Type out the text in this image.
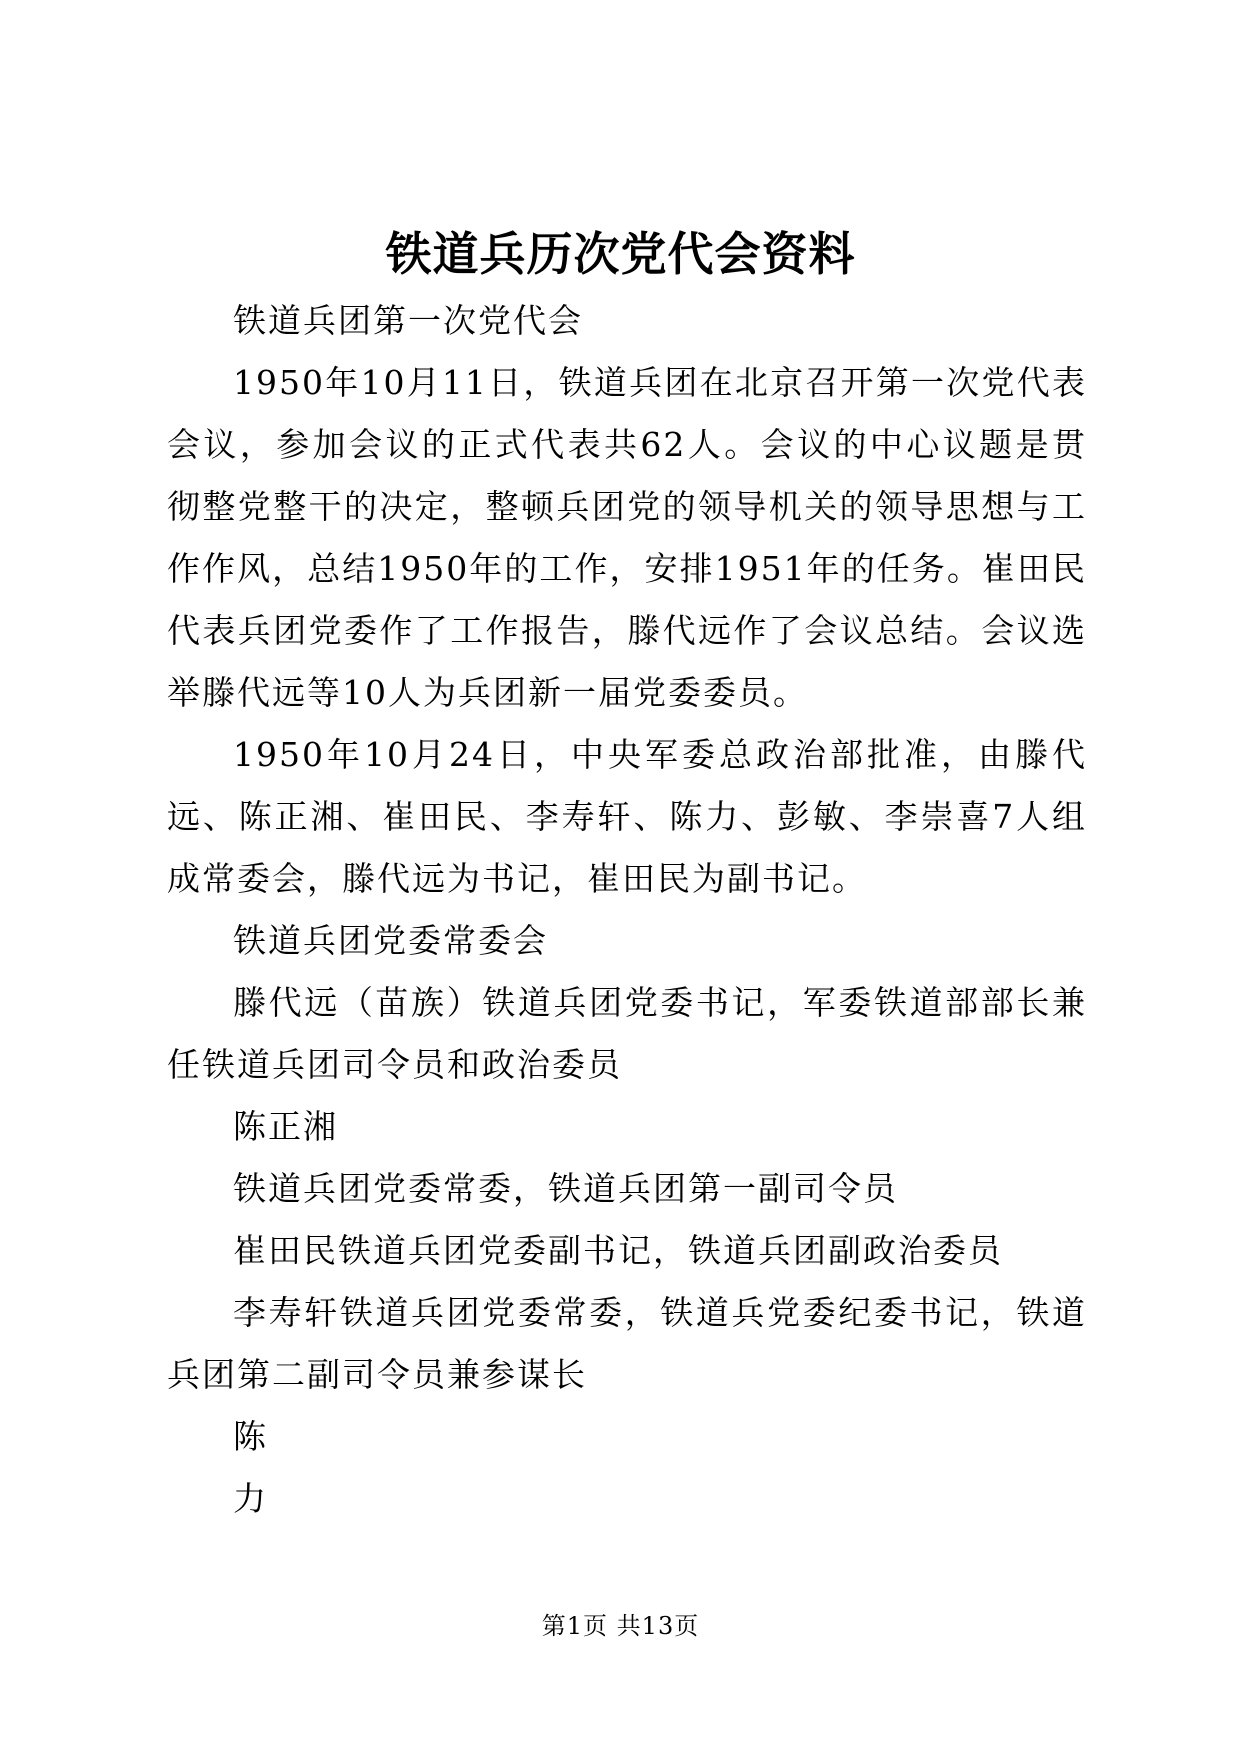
铁道兵历次党代会资料

铁道兵团第一次党代会

1950年10月11日，铁道兵团在北京召开第一次党代表会议，参加会议的正式代表共62人。会议的中心议题是贯彻整党整干的决定，整顿兵团党的领导机关的领导思想与工作作风，总结1950年的工作，安排1951年的任务。崔田民代表兵团党委作了工作报告，滕代远作了会议总结。会议选举滕代远等10人为兵团新一届党委委员。

1950年10月24日，中央军委总政治部批准，由滕代远、陈正湘、崔田民、李寿轩、陈力、彭敏、李崇喜7人组成常委会，滕代远为书记，崔田民为副书记。

铁道兵团党委常委会

滕代远（苗族）铁道兵团党委书记，军委铁道部部长兼任铁道兵团司令员和政治委员

陈正湘

铁道兵团党委常委，铁道兵团第一副司令员

崔田民铁道兵团党委副书记，铁道兵团副政治委员

李寿轩铁道兵团党委常委，铁道兵党委纪委书记，铁道兵团第二副司令员兼参谋长

陈

力

第1页 共13页
